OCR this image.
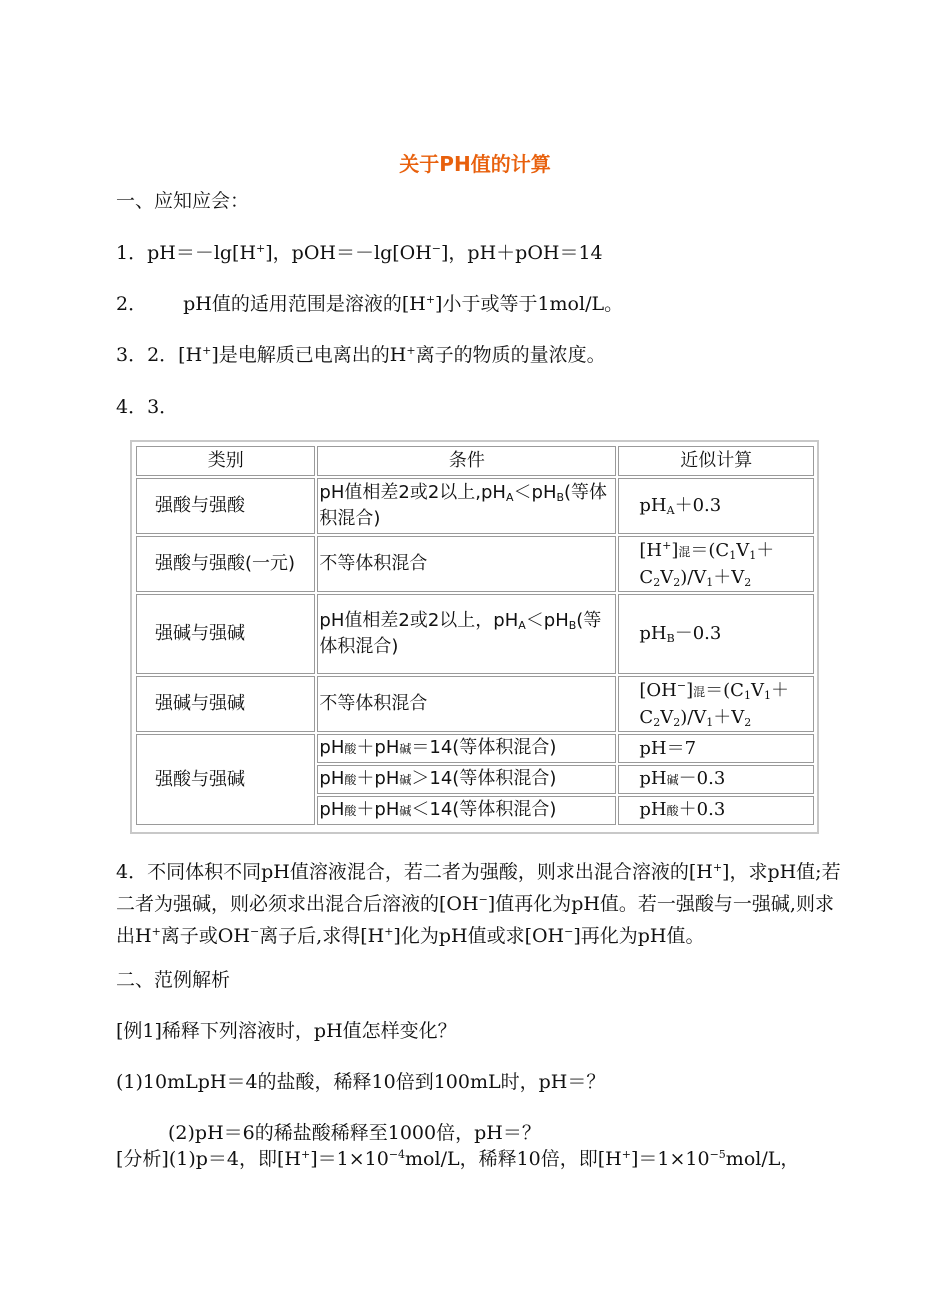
关于PH值的计算
一、应知应会：
1．pH＝－lg[H+]，pOH＝－lg[OH−]，pH＋pOH＝14
2． pH值的适用范围是溶液的[H+]小于或等于1mol/L。
3．2．[H+]是电解质已电离出的H+离子的物质的量浓度。
4．3．
类别	条件	近似计算
强酸与强酸	pH值相差2或2以上$,pH_A<pH_B$(等体积混合)	$pH_A+0.3$
强酸与强酸(一元)	不等体积混合	[H+]混$=(C_1V_1+C_2V_2)/V_1+V_2$
强碱与强碱	pH值相差2或2以上，$pH_A<pH_B$(等体积混合)	$pH_B-0.3$
强碱与强碱	不等体积混合	[OH−]混$=(C_1V_1+C_2V_2)/V_1+V_2$
强酸与强碱	pH酸＋pH碱＝14(等体积混合)	pH＝7
	pH酸＋pH碱＞14(等体积混合)	pH碱－0.3
	pH酸＋pH碱＜14(等体积混合)	pH酸＋0.3
4．不同体积不同pH值溶液混合，若二者为强酸，则求出混合溶液的[H+]，求pH值;若二者为强碱，则必须求出混合后溶液的[OH−]值再化为pH值。若一强酸与一强碱,则求出H+离子或OH−离子后,求得[H+]化为pH值或求[OH−]再化为pH值。
二、范例解析
[例1]稀释下列溶液时，pH值怎样变化？
(1)10mLpH＝4的盐酸，稀释10倍到100mL时，pH＝？
(2)pH＝6的稀盐酸稀释至1000倍，pH＝？
[分析](1)p＝4，即$[H^+]=1\times 10^{-4}mol/L$，稀释10倍，即$[H^+]=1\times 10^{-5}mol/L$，
